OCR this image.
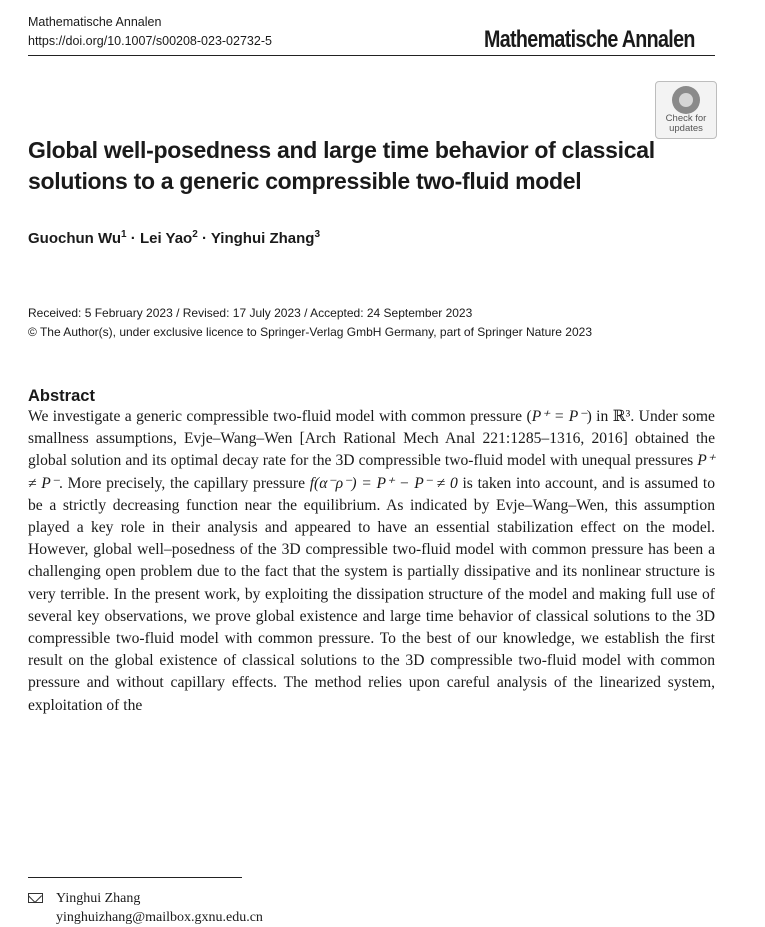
Mathematische Annalen
https://doi.org/10.1007/s00208-023-02732-5	Mathematische Annalen
Check for
updates
Global well-posedness and large time behavior of classical solutions to a generic compressible two-fluid model
Guochun $Wu^1$ · Lei Yao$^2$ · Yinghui Zhang$^3$
Received: 5 February 2023 / Revised: 17 July 2023 / Accepted: 24 September 2023
© The Author(s), under exclusive licence to Springer-Verlag GmbH Germany, part of Springer Nature 2023
Abstract
We investigate a generic compressible two-fluid model with common pressure (P⁺ = P⁻) in ℝ³. Under some smallness assumptions, Evje–Wang–Wen [Arch Rational Mech Anal 221:1285–1316, 2016] obtained the global solution and its optimal decay rate for the 3D compressible two-fluid model with unequal pressures P⁺ ≠ P⁻. More precisely, the capillary pressure f(α⁻ρ⁻) = P⁺ − P⁻ ≠ 0 is taken into account, and is assumed to be a strictly decreasing function near the equilibrium. As indicated by Evje–Wang–Wen, this assumption played a key role in their analysis and appeared to have an essential stabilization effect on the model. However, global well–posedness of the 3D compressible two-fluid model with common pressure has been a challenging open problem due to the fact that the system is partially dissipative and its nonlinear structure is very terrible. In the present work, by exploiting the dissipation structure of the model and making full use of several key observations, we prove global existence and large time behavior of classical solutions to the 3D compressible two-fluid model with common pressure. To the best of our knowledge, we establish the first result on the global existence of classical solutions to the 3D compressible two-fluid model with common pressure and without capillary effects. The method relies upon careful analysis of the linearized system, exploitation of the
Yinghui Zhang
yinghuizhang@mailbox.gxnu.edu.cn
